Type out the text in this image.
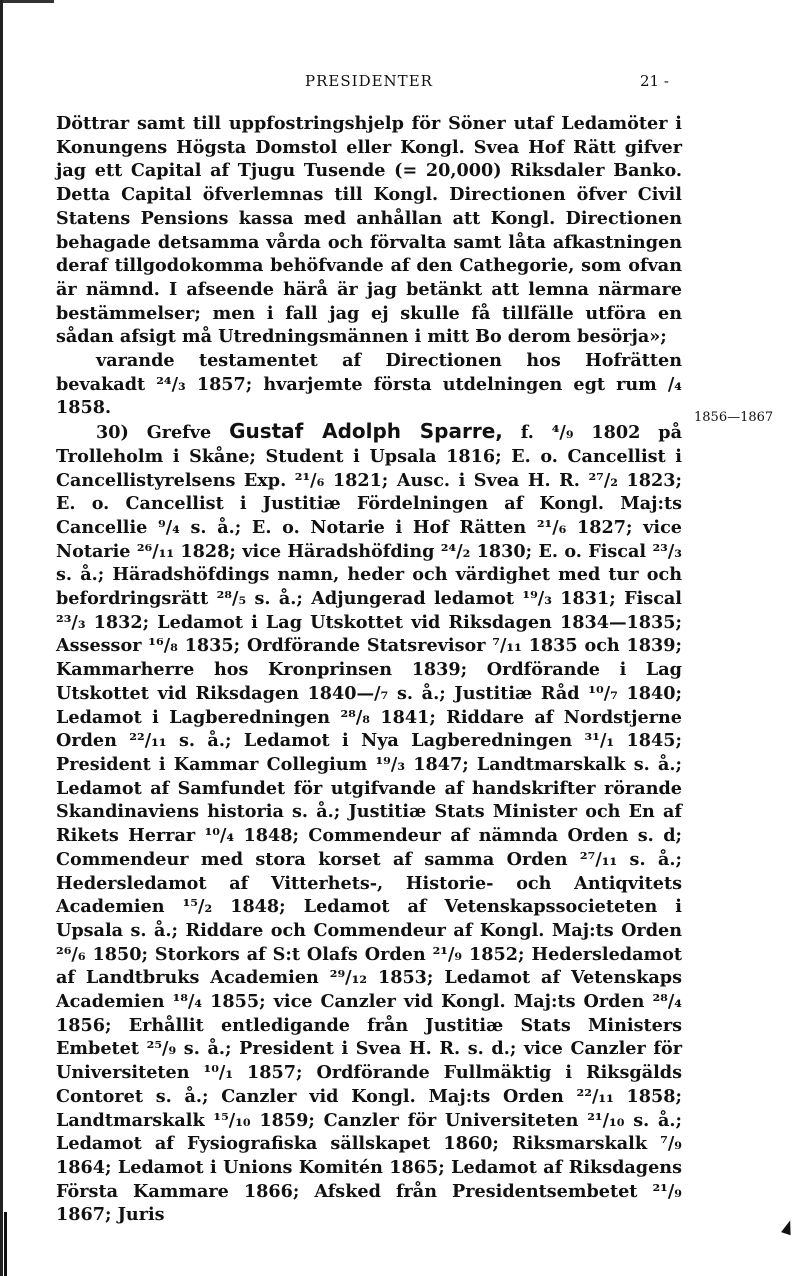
PRESIDENTER	21 -
1856—1867

Döttrar samt till uppfostringshjelp för Söner utaf Ledamöter i Konungens Högsta Domstol eller Kongl. Svea Hof Rätt gifver jag ett Capital af Tjugu Tusende (= 20,000) Riksdaler Banko. Detta Capital öfverlemnas till Kongl. Directionen öfver Civil Statens Pensions kassa med anhållan att Kongl. Directionen behagade detsamma vårda och förvalta samt låta afkastningen deraf tillgodokomma behöfvande af den Cathegorie, som ofvan är nämnd. I afseende härå är jag betänkt att lemna närmare bestämmelser; men i fall jag ej skulle få tillfälle utföra en sådan afsigt må Utredningsmännen i mitt Bo derom besörja»;

varande testamentet af Directionen hos Hofrätten bevakadt ²⁴/₃ 1857; hvarjemte första utdelningen egt rum /₄ 1858.

30) Grefve Gustaf Adolph Sparre, f. ⁴/₉ 1802 på Trolleholm i Skåne; Student i Upsala 1816; E. o. Cancellist i Cancellistyrelsens Exp. ²¹/₆ 1821; Ausc. i Svea H. R. ²⁷/₂ 1823; E. o. Cancellist i Justitiæ Fördelningen af Kongl. Maj:ts Cancellie ⁹/₄ s. å.; E. o. Notarie i Hof Rätten ²¹/₆ 1827; vice Notarie ²⁶/₁₁ 1828; vice Häradshöfding ²⁴/₂ 1830; E. o. Fiscal ²³/₃ s. å.; Häradshöfdings namn, heder och värdighet med tur och befordringsrätt ²⁸/₅ s. å.; Adjungerad ledamot ¹⁹/₃ 1831; Fiscal ²³/₃ 1832; Ledamot i Lag Utskottet vid Riksdagen 1834—1835; Assessor ¹⁶/₈ 1835; Ordförande Statsrevisor ⁷/₁₁ 1835 och 1839; Kammarherre hos Kronprinsen 1839; Ordförande i Lag Utskottet vid Riksdagen 1840—/₇ s. å.; Justitiæ Råd ¹⁰/₇ 1840; Ledamot i Lagberedningen ²⁸/₈ 1841; Riddare af Nordstjerne Orden ²²/₁₁ s. å.; Ledamot i Nya Lagberedningen ³¹/₁ 1845; President i Kammar Collegium ¹⁹/₃ 1847; Landtmarskalk s. å.; Ledamot af Samfundet för utgifvande af handskrifter rörande Skandinaviens historia s. å.; Justitiæ Stats Minister och En af Rikets Herrar ¹⁰/₄ 1848; Commendeur af nämnda Orden s. d; Commendeur med stora korset af samma Orden ²⁷/₁₁ s. å.; Hedersledamot af Vitterhets-, Historie- och Antiqvitets Academien ¹⁵/₂ 1848; Ledamot af Vetenskapssocieteten i Upsala s. å.; Riddare och Commendeur af Kongl. Maj:ts Orden ²⁶/₆ 1850; Storkors af S:t Olafs Orden ²¹/₉ 1852; Hedersledamot af Landtbruks Academien ²⁹/₁₂ 1853; Ledamot af Vetenskaps Academien ¹⁸/₄ 1855; vice Canzler vid Kongl. Maj:ts Orden ²⁸/₄ 1856; Erhållit entledigande från Justitiæ Stats Ministers Embetet ²⁵/₉ s. å.; President i Svea H. R. s. d.; vice Canzler för Universiteten ¹⁰/₁ 1857; Ordförande Fullmäktig i Riksgälds Contoret s. å.; Canzler vid Kongl. Maj:ts Orden ²²/₁₁ 1858; Landtmarskalk ¹⁵/₁₀ 1859; Canzler för Universiteten ²¹/₁₀ s. å.; Ledamot af Fysiografiska sällskapet 1860; Riksmarskalk ⁷/₉ 1864; Ledamot i Unions Komitén 1865; Ledamot af Riksdagens Första Kammare 1866; Afsked från Presidentsembetet ²¹/₉ 1867; Juris
